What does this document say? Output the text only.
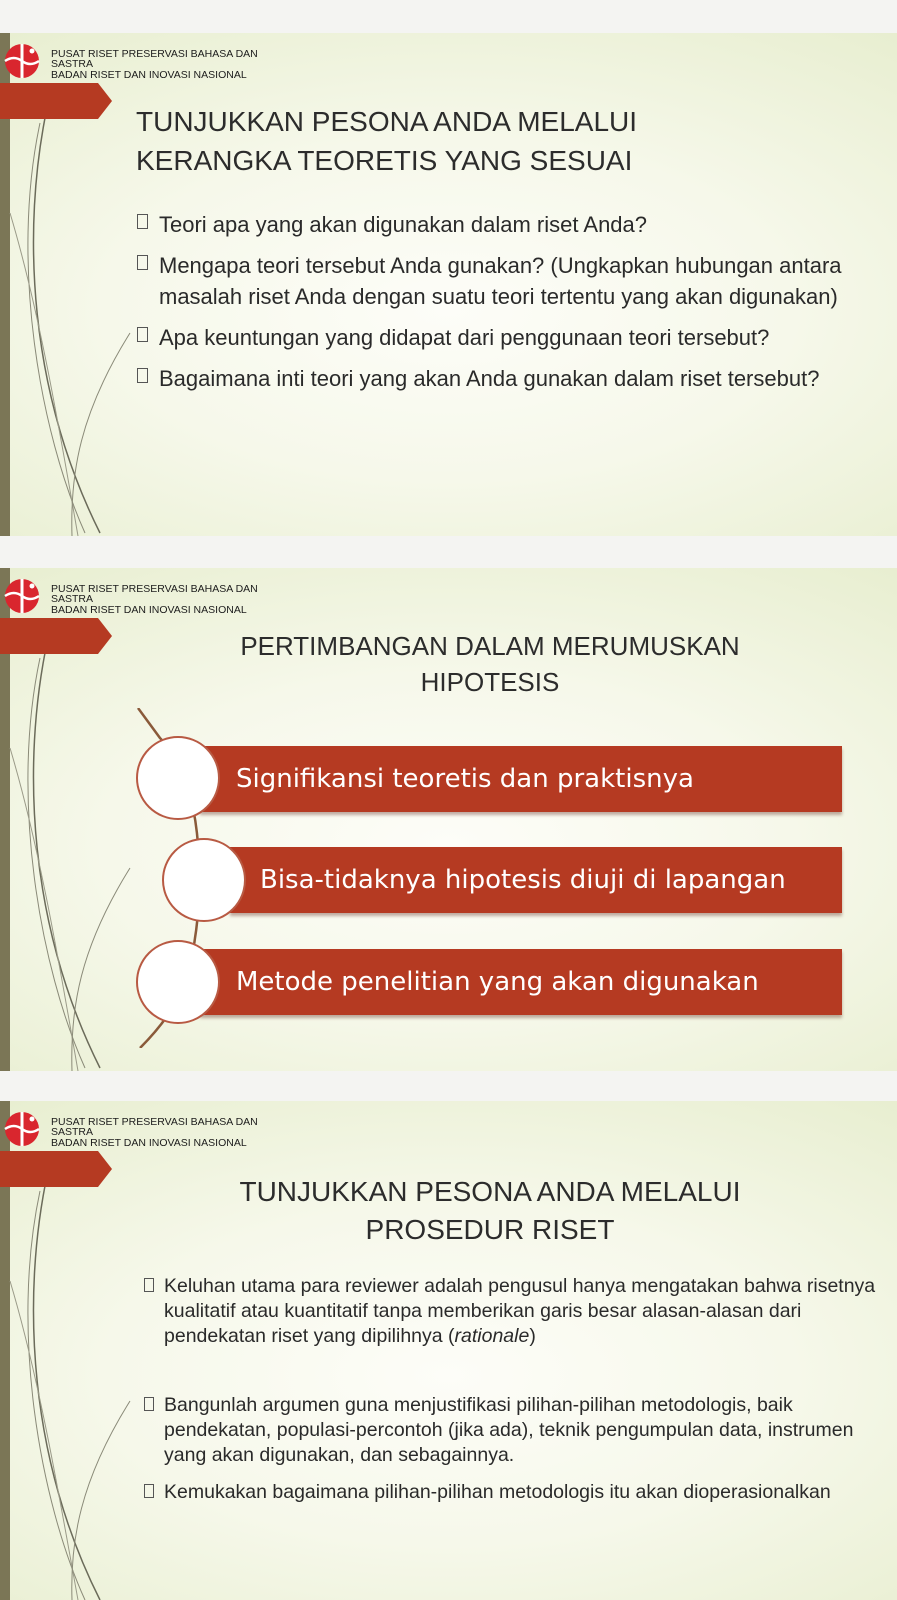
PUSAT RISET PRESERVASI BAHASA DAN
SASTRA
BADAN RISET DAN INOVASI NASIONAL
TUNJUKKAN PESONA ANDA MELALUI
KERANGKA TEORETIS YANG SESUAI
Teori apa yang akan digunakan dalam riset Anda?
Mengapa teori tersebut Anda gunakan? (Ungkapkan hubungan antara masalah riset Anda dengan suatu teori tertentu yang akan digunakan)
Apa keuntungan yang didapat dari penggunaan teori tersebut?
Bagaimana inti teori yang akan Anda gunakan dalam riset tersebut?
PUSAT RISET PRESERVASI BAHASA DAN
SASTRA
BADAN RISET DAN INOVASI NASIONAL
PERTIMBANGAN DALAM MERUMUSKAN
HIPOTESIS
Signifikansi teoretis dan praktisnya
Bisa-tidaknya hipotesis diuji di lapangan
Metode penelitian yang akan digunakan
PUSAT RISET PRESERVASI BAHASA DAN
SASTRA
BADAN RISET DAN INOVASI NASIONAL
TUNJUKKAN PESONA ANDA MELALUI
PROSEDUR RISET
Keluhan utama para reviewer adalah pengusul hanya mengatakan bahwa risetnya kualitatif atau kuantitatif tanpa memberikan garis besar alasan-alasan dari pendekatan riset yang dipilihnya (rationale)
Bangunlah argumen guna menjustifikasi pilihan-pilihan metodologis, baik pendekatan, populasi-percontoh (jika ada), teknik pengumpulan data, instrumen yang akan digunakan, dan sebagainnya.
Kemukakan bagaimana pilihan-pilihan metodologis itu akan dioperasionalkan
